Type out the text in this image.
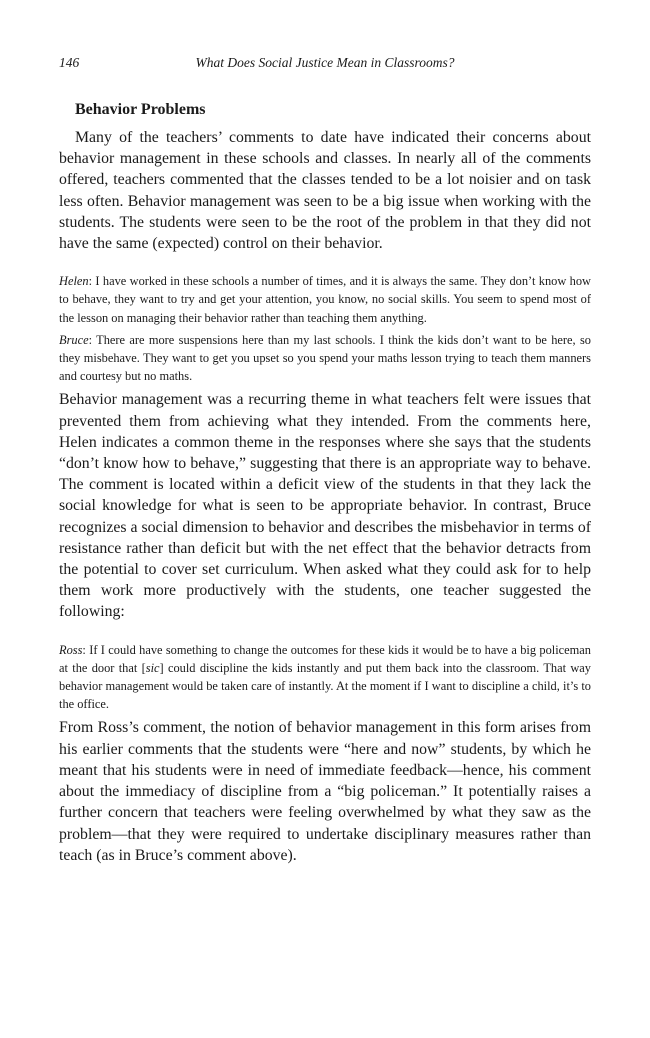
146	What Does Social Justice Mean in Classrooms?
Behavior Problems

Many of the teachers’ comments to date have indicated their concerns about behavior management in these schools and classes. In nearly all of the comments offered, teachers commented that the classes tended to be a lot noisier and on task less often. Behavior management was seen to be a big issue when working with the students. The students were seen to be the root of the problem in that they did not have the same (expected) control on their behavior.

Helen: I have worked in these schools a number of times, and it is always the same. They don’t know how to behave, they want to try and get your attention, you know, no social skills. You seem to spend most of the lesson on managing their behavior rather than teaching them anything.

Bruce: There are more suspensions here than my last schools. I think the kids don’t want to be here, so they misbehave. They want to get you upset so you spend your maths lesson trying to teach them manners and courtesy but no maths.

Behavior management was a recurring theme in what teachers felt were issues that prevented them from achieving what they intended. From the comments here, Helen indicates a common theme in the responses where she says that the students “don’t know how to behave,” suggesting that there is an appropriate way to behave. The comment is located within a deficit view of the students in that they lack the social knowledge for what is seen to be appropriate behavior. In contrast, Bruce recognizes a social dimension to behavior and describes the misbehavior in terms of resistance rather than deficit but with the net effect that the behavior detracts from the potential to cover set curriculum. When asked what they could ask for to help them work more productively with the students, one teacher suggested the following:

Ross: If I could have something to change the outcomes for these kids it would be to have a big policeman at the door that [sic] could discipline the kids instantly and put them back into the classroom. That way behavior management would be taken care of instantly. At the moment if I want to discipline a child, it’s to the office.

From Ross’s comment, the notion of behavior management in this form arises from his earlier comments that the students were “here and now” students, by which he meant that his students were in need of immediate feedback—hence, his comment about the immediacy of discipline from a “big policeman.” It potentially raises a further concern that teachers were feeling overwhelmed by what they saw as the problem—that they were required to undertake disciplinary measures rather than teach (as in Bruce’s comment above).
